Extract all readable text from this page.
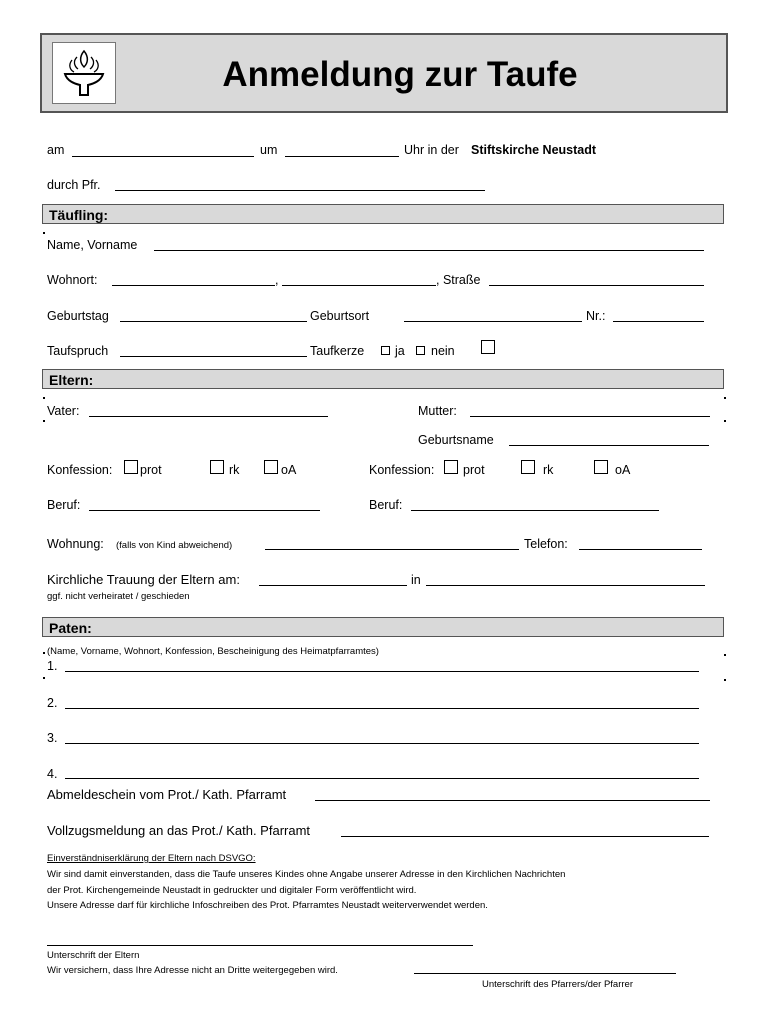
Anmeldung zur Taufe
am	um	Uhr in der Stiftskirche Neustadt
durch Pfr.
Täufling:
Name, Vorname
Wohnort:	,	, Straße
Geburtstag	Geburtsort	Nr.:
Taufspruch	Taufkerze ja nein
Eltern:
Vater:	Mutter:
Geburtsname
Konfession: prot	rk	oA	Konfession: prot	rk	oA
Beruf:	Beruf:
Wohnung: (falls von Kind abweichend)	Telefon:
Kirchliche Trauung der Eltern am:	in
ggf. nicht verheiratet / geschieden
Paten:
(Name, Vorname, Wohnort, Konfession, Bescheinigung des Heimatpfarramtes)
1.
2.
3.
4.
Abmeldeschein vom Prot./ Kath. Pfarramt
Vollzugsmeldung an das Prot./ Kath. Pfarramt
Einverständniserklärung der Eltern nach DSVGO:
Wir sind damit einverstanden, dass die Taufe unseres Kindes ohne Angabe unserer Adresse in den Kirchlichen Nachrichten
der Prot. Kirchengemeinde Neustadt in gedruckter und digitaler Form veröffentlicht wird.
Unsere Adresse darf für kirchliche Infoschreiben des Prot. Pfarramtes Neustadt weiterverwendet werden.
Unterschrift der Eltern
Wir versichern, dass Ihre Adresse nicht an Dritte weitergegeben wird.
Unterschrift des Pfarrers/der Pfarrer
